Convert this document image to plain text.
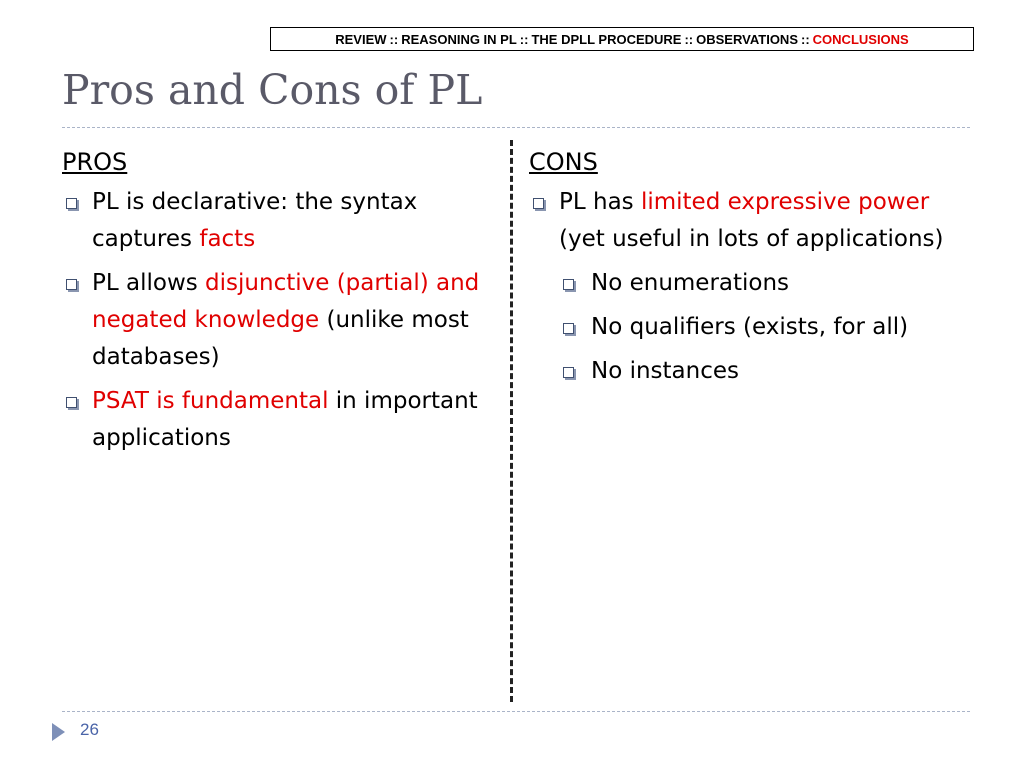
REVIEW :: REASONING IN PL :: THE DPLL PROCEDURE :: OBSERVATIONS :: CONCLUSIONS
Pros and Cons of PL
PROS
PL is declarative: the syntax captures facts
PL allows disjunctive (partial) and negated knowledge (unlike most databases)
PSAT is fundamental in important applications
CONS
PL has limited expressive power (yet useful in lots of applications)
No enumerations
No qualifiers (exists, for all)
No instances
26
